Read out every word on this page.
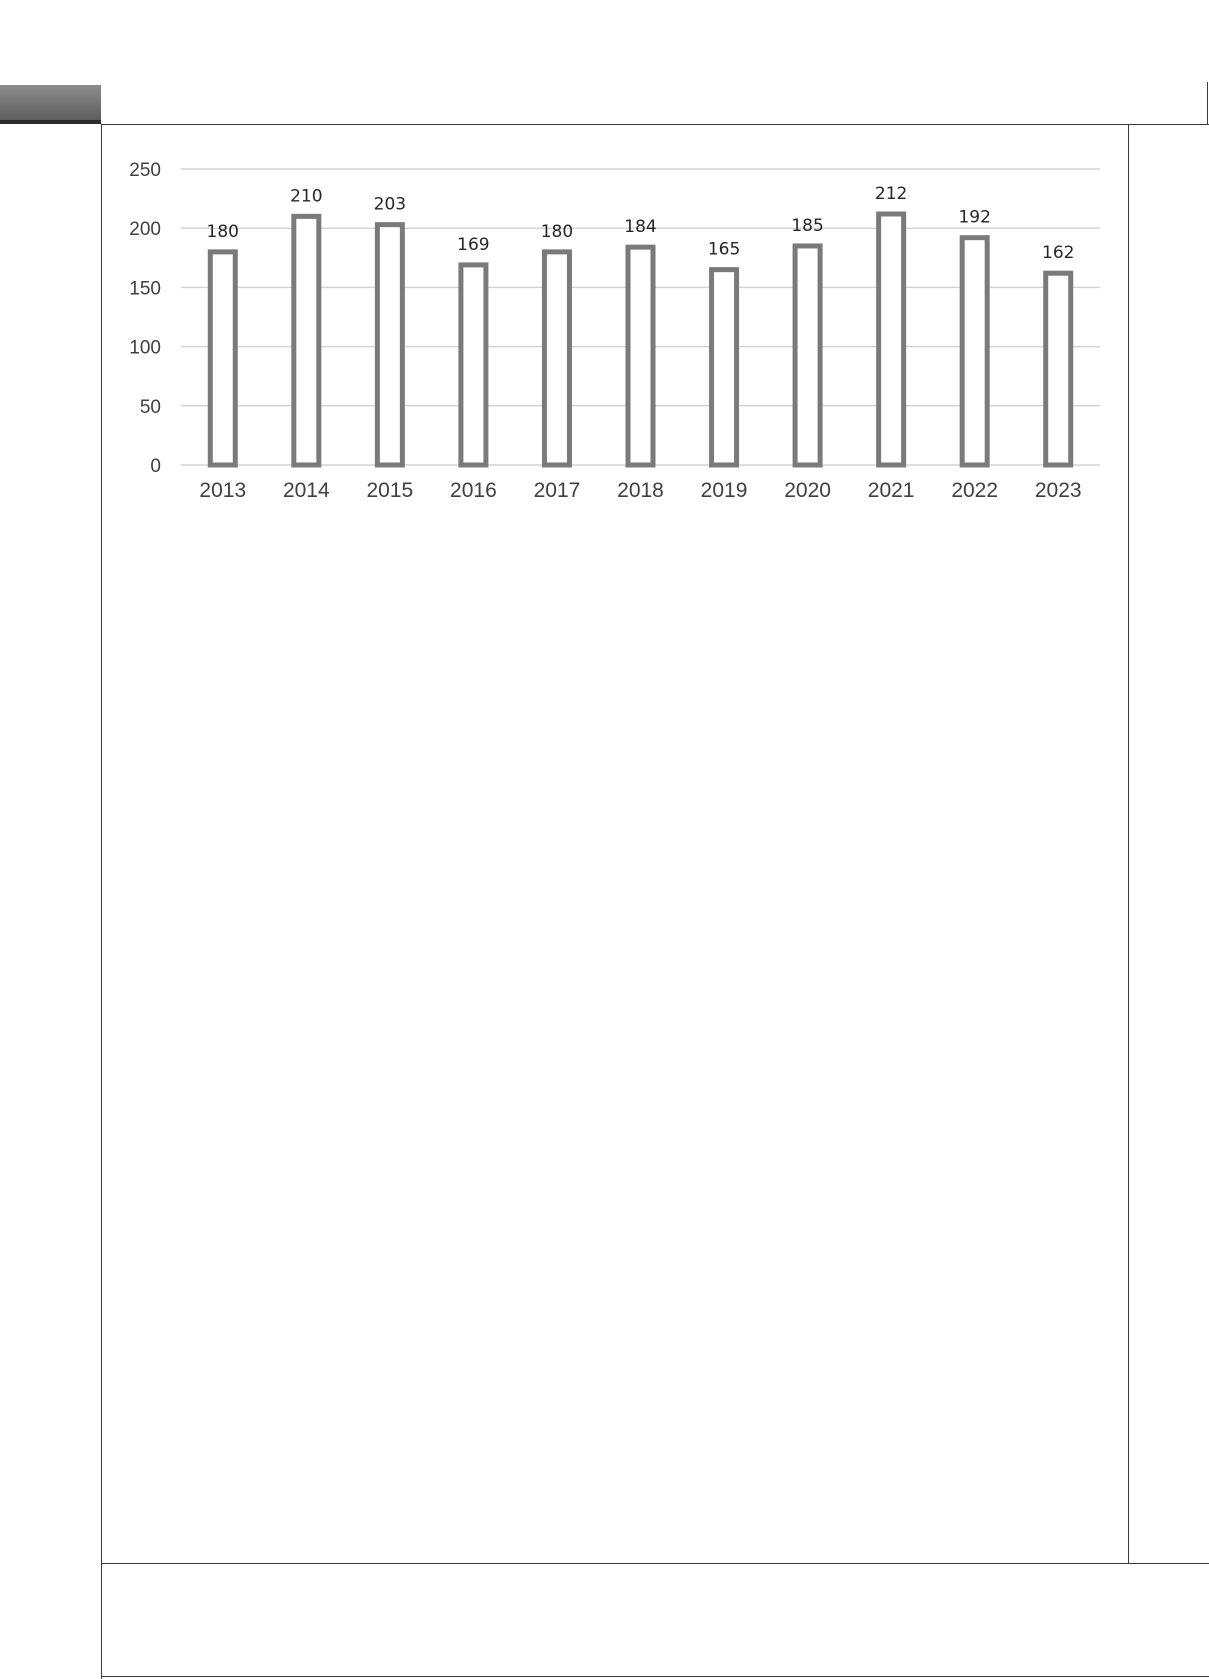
0
50
100
150
200
250
180
210	203
169
180	184
165
185
212
192
162
2013 2014 2015 2016 2017 2018 2019 2020 2021 2022 2023
